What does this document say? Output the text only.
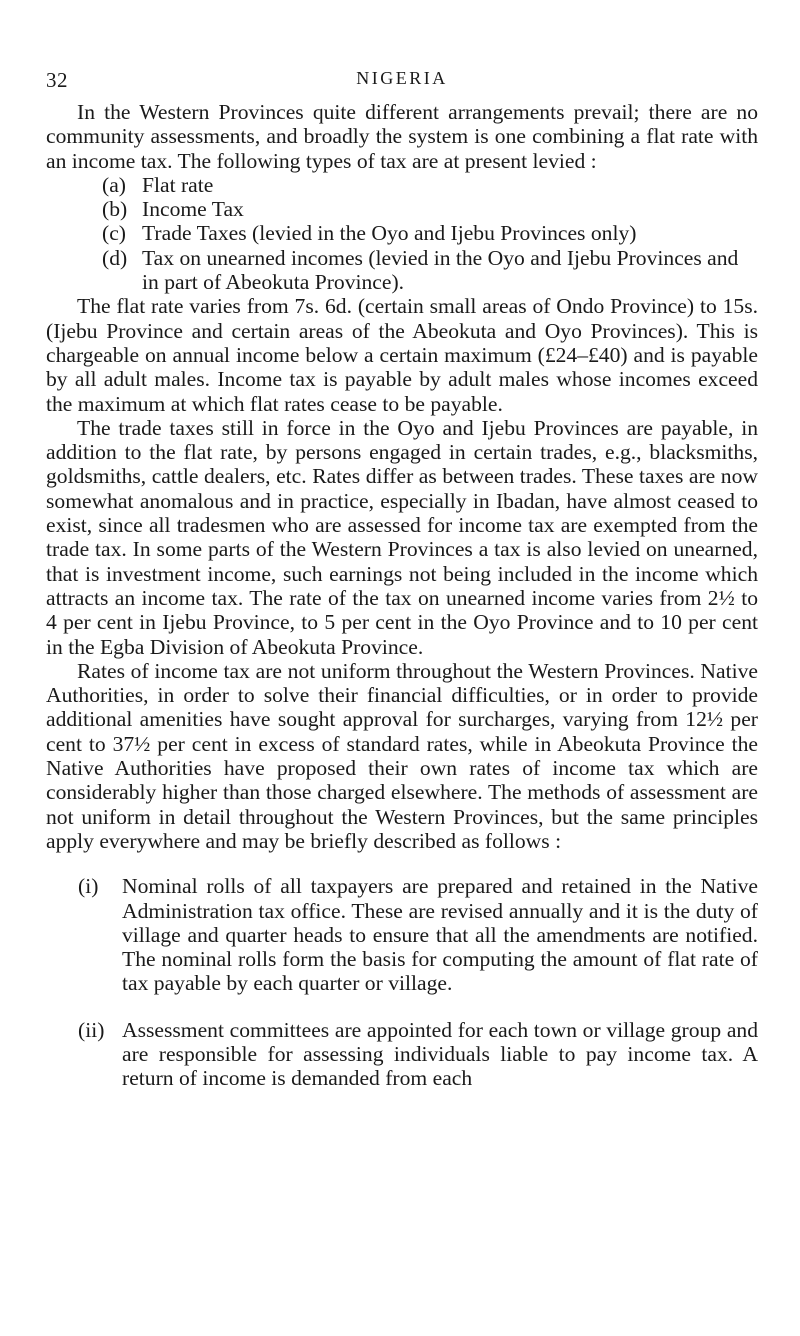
32	NIGERIA

In the Western Provinces quite different arrangements prevail; there are no community assessments, and broadly the system is one combining a flat rate with an income tax. The following types of tax are at present levied :

(a) Flat rate
(b) Income Tax
(c) Trade Taxes (levied in the Oyo and Ijebu Provinces only)
(d) Tax on unearned incomes (levied in the Oyo and Ijebu Provinces and in part of Abeokuta Province).

The flat rate varies from 7s. 6d. (certain small areas of Ondo Province) to 15s. (Ijebu Province and certain areas of the Abeokuta and Oyo Provinces). This is chargeable on annual income below a certain maximum (£24–£40) and is payable by all adult males. Income tax is payable by adult males whose incomes exceed the maximum at which flat rates cease to be payable.

The trade taxes still in force in the Oyo and Ijebu Provinces are payable, in addition to the flat rate, by persons engaged in certain trades, e.g., blacksmiths, goldsmiths, cattle dealers, etc. Rates differ as between trades. These taxes are now somewhat anomalous and in practice, especially in Ibadan, have almost ceased to exist, since all tradesmen who are assessed for income tax are exempted from the trade tax. In some parts of the Western Provinces a tax is also levied on unearned, that is investment income, such earnings not being included in the income which attracts an income tax. The rate of the tax on unearned income varies from 2½ to 4 per cent in Ijebu Province, to 5 per cent in the Oyo Province and to 10 per cent in the Egba Division of Abeokuta Province.

Rates of income tax are not uniform throughout the Western Provinces. Native Authorities, in order to solve their financial difficulties, or in order to provide additional amenities have sought approval for surcharges, varying from 12½ per cent to 37½ per cent in excess of standard rates, while in Abeokuta Province the Native Authorities have proposed their own rates of income tax which are considerably higher than those charged elsewhere. The methods of assessment are not uniform in detail throughout the Western Provinces, but the same principles apply everywhere and may be briefly described as follows :

(i)	Nominal rolls of all taxpayers are prepared and retained in the Native Administration tax office. These are revised annually and it is the duty of village and quarter heads to ensure that all the amendments are notified. The nominal rolls form the basis for computing the amount of flat rate of tax payable by each quarter or village.
(ii) Assessment committees are appointed for each town or village group and are responsible for assessing individuals liable to pay income tax. A return of income is demanded from each
